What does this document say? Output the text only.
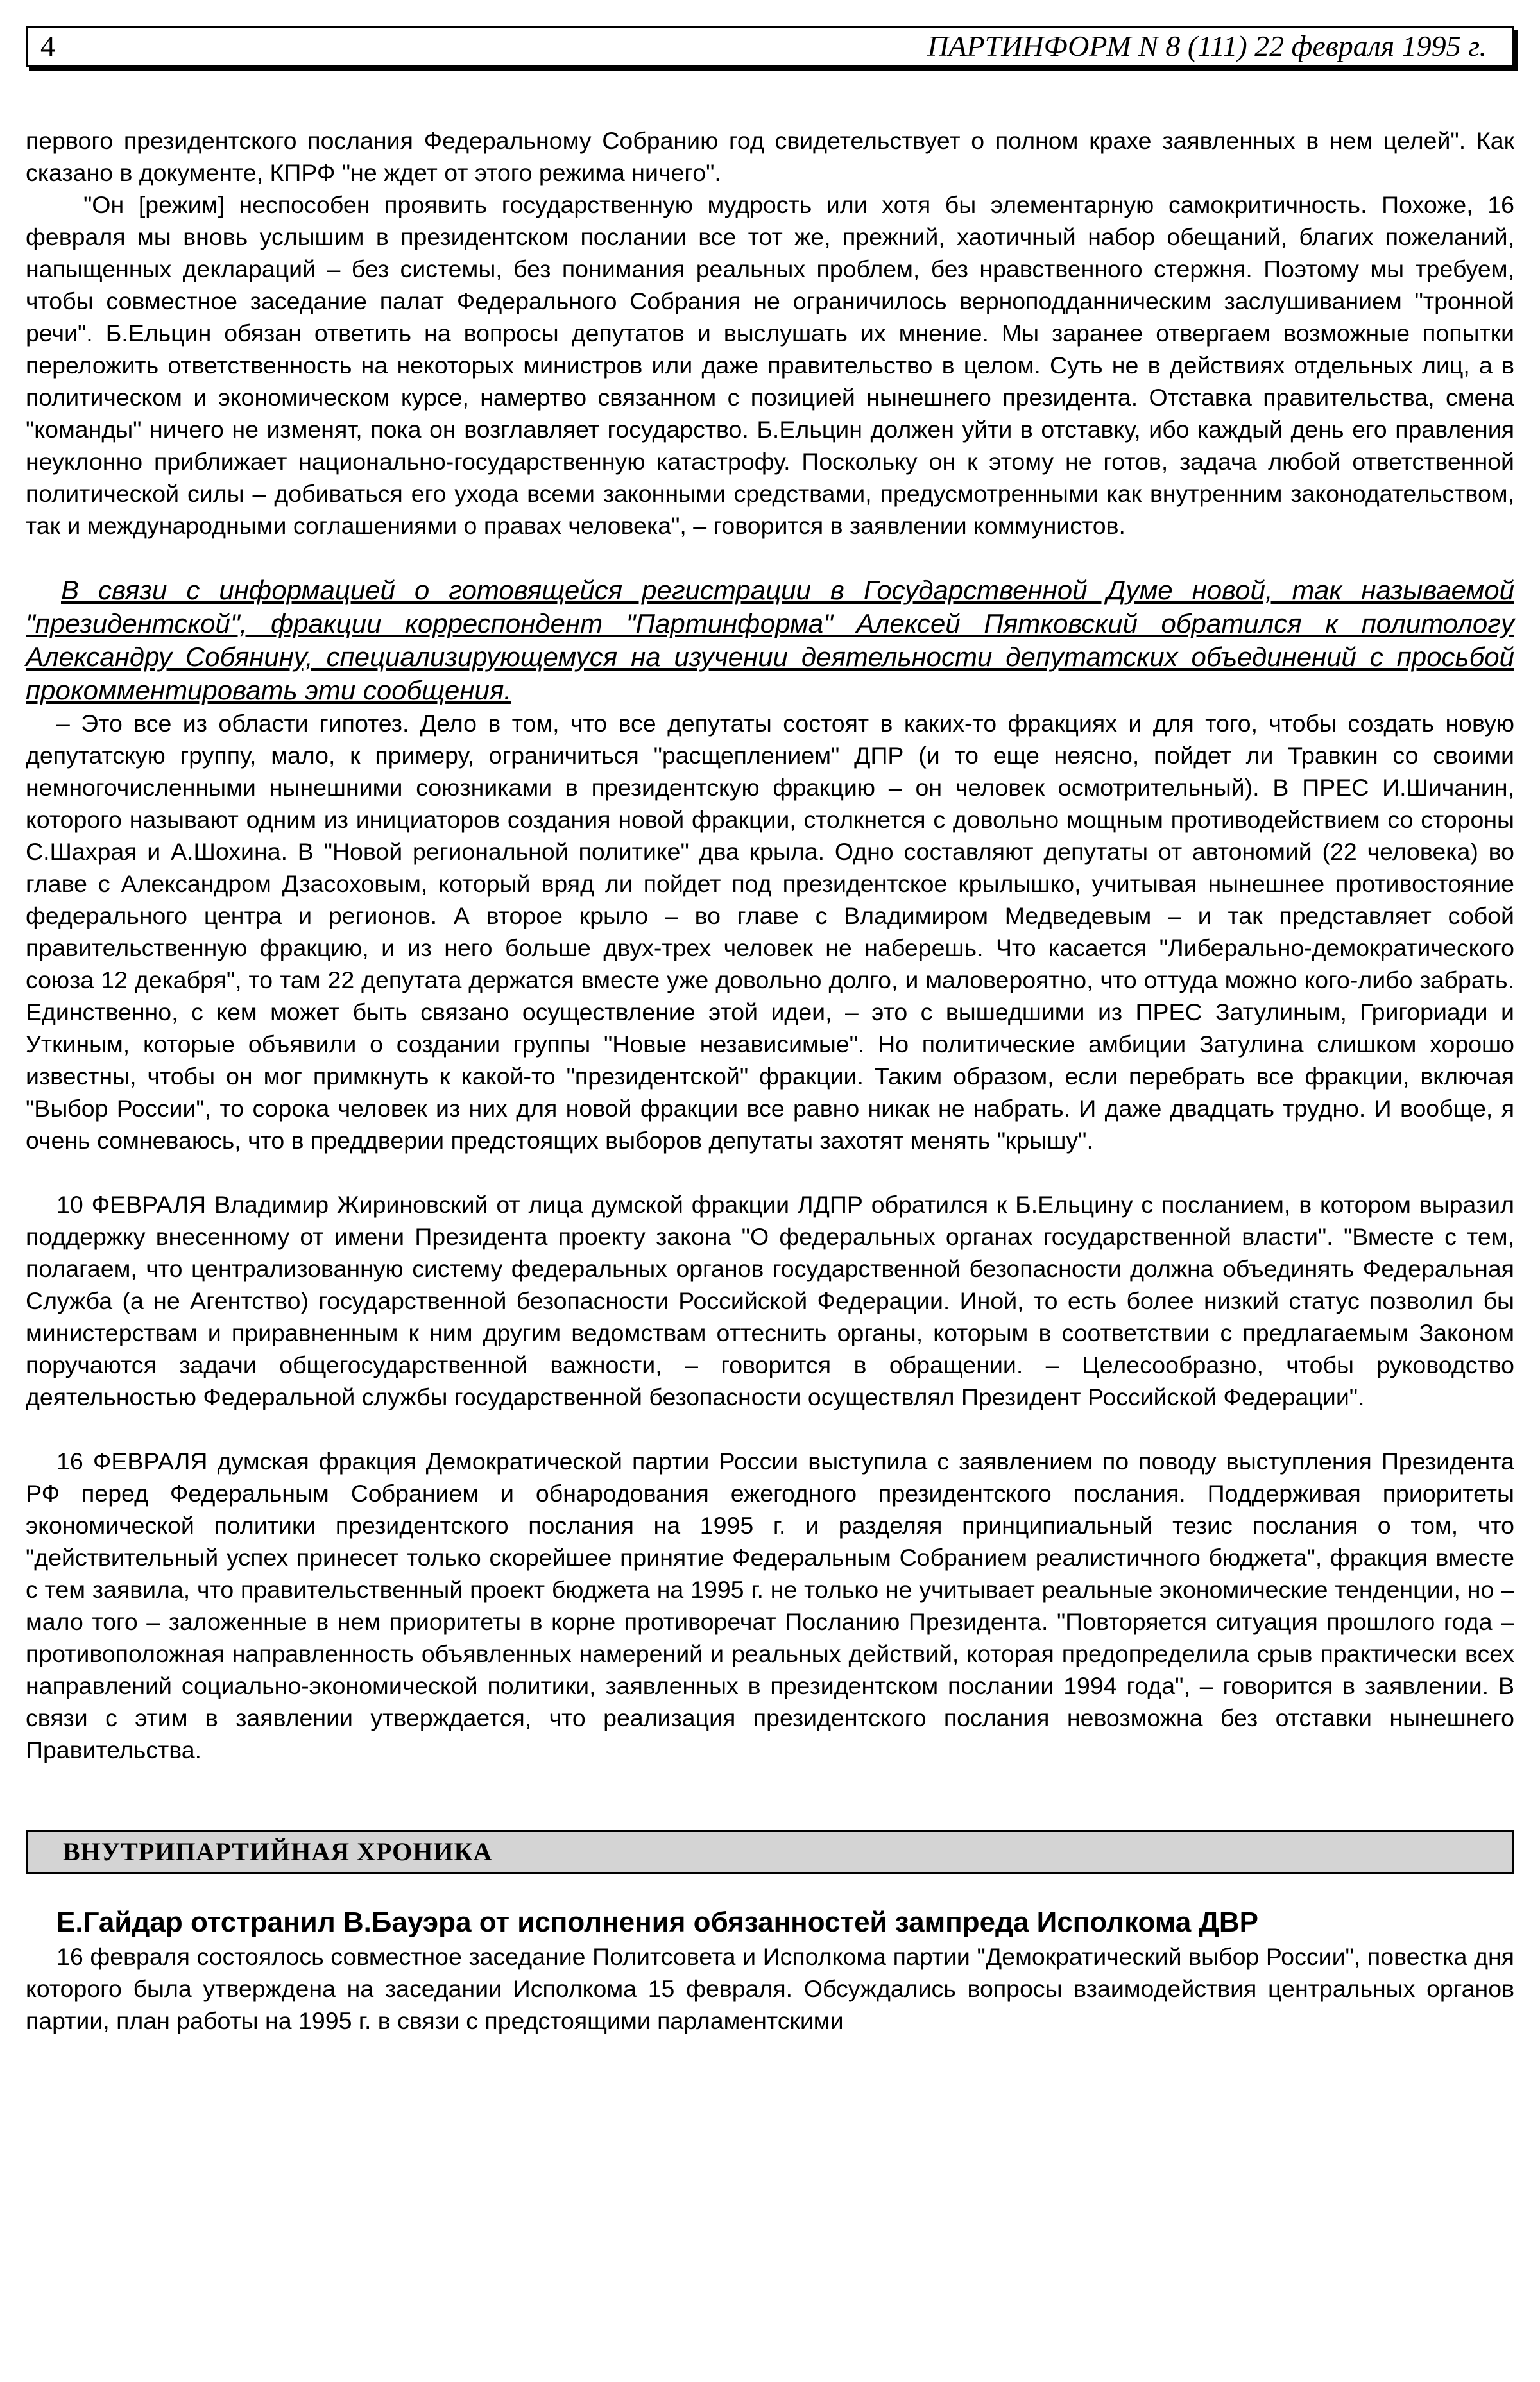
4	ПАРТИНФОРМ N 8 (111) 22 февраля 1995 г.

первого президентского послания Федеральному Собранию год свидетельствует о полном крахе заявленных в нем целей". Как сказано в документе, КПРФ "не ждет от этого режима ничего".

"Он [режим] неспособен проявить государственную мудрость или хотя бы элементарную самокритичность. Похоже, 16 февраля мы вновь услышим в президентском послании все тот же, прежний, хаотичный набор обещаний, благих пожеланий, напыщенных деклараций – без системы, без понимания реальных проблем, без нравственного стержня. Поэтому мы требуем, чтобы совместное заседание палат Федерального Собрания не ограничилось верноподданническим заслушиванием "тронной речи". Б.Ельцин обязан ответить на вопросы депутатов и выслушать их мнение. Мы заранее отвергаем возможные попытки переложить ответственность на некоторых министров или даже правительство в целом. Суть не в действиях отдельных лиц, а в политическом и экономическом курсе, намертво связанном с позицией нынешнего президента. Отставка правительства, смена "команды" ничего не изменят, пока он возглавляет государство. Б.Ельцин должен уйти в отставку, ибо каждый день его правления неуклонно приближает национально-государственную катастрофу. Поскольку он к этому не готов, задача любой ответственной политической силы – добиваться его ухода всеми законными средствами, предусмотренными как внутренним законодательством, так и международными соглашениями о правах человека", – говорится в заявлении коммунистов.

В связи с информацией о готовящейся регистрации в Государственной Думе новой, так называемой "президентской", фракции корреспондент "Партинформа" Алексей Пятковский обратился к политологу Александру Собянину, специализирующемуся на изучении деятельности депутатских объединений с просьбой прокомментировать эти сообщения.

– Это все из области гипотез. Дело в том, что все депутаты состоят в каких-то фракциях и для того, чтобы создать новую депутатскую группу, мало, к примеру, ограничиться "расщеплением" ДПР (и то еще неясно, пойдет ли Травкин со своими немногочисленными нынешними союзниками в президентскую фракцию – он человек осмотрительный). В ПРЕС И.Шичанин, которого называют одним из инициаторов создания новой фракции, столкнется с довольно мощным противодействием со стороны С.Шахрая и А.Шохина. В "Новой региональной политике" два крыла. Одно составляют депутаты от автономий (22 человека) во главе с Александром Дзасоховым, который вряд ли пойдет под президентское крылышко, учитывая нынешнее противостояние федерального центра и регионов. А второе крыло – во главе с Владимиром Медведевым – и так представляет собой правительственную фракцию, и из него больше двух-трех человек не наберешь. Что касается "Либерально-демократического союза 12 декабря", то там 22 депутата держатся вместе уже довольно долго, и маловероятно, что оттуда можно кого-либо забрать. Единственно, с кем может быть связано осуществление этой идеи, – это с вышедшими из ПРЕС Затулиным, Григориади и Уткиным, которые объявили о создании группы "Новые независимые". Но политические амбиции Затулина слишком хорошо известны, чтобы он мог примкнуть к какой-то "президентской" фракции. Таким образом, если перебрать все фракции, включая "Выбор России", то сорока человек из них для новой фракции все равно никак не набрать. И даже двадцать трудно. И вообще, я очень сомневаюсь, что в преддверии предстоящих выборов депутаты захотят менять "крышу".

10 ФЕВРАЛЯ Владимир Жириновский от лица думской фракции ЛДПР обратился к Б.Ельцину с посланием, в котором выразил поддержку внесенному от имени Президента проекту закона "О федеральных органах государственной власти". "Вместе с тем, полагаем, что централизованную систему федеральных органов государственной безопасности должна объединять Федеральная Служба (а не Агентство) государственной безопасности Российской Федерации. Иной, то есть более низкий статус позволил бы министерствам и приравненным к ним другим ведомствам оттеснить органы, которым в соответствии с предлагаемым Законом поручаются задачи общегосударственной важности, – говорится в обращении. – Целесообразно, чтобы руководство деятельностью Федеральной службы государственной безопасности осуществлял Президент Российской Федерации".

16 ФЕВРАЛЯ думская фракция Демократической партии России выступила с заявлением по поводу выступления Президента РФ перед Федеральным Собранием и обнародования ежегодного президентского послания. Поддерживая приоритеты экономической политики президентского послания на 1995 г. и разделяя принципиальный тезис послания о том, что "действительный успех принесет только скорейшее принятие Федеральным Собранием реалистичного бюджета", фракция вместе с тем заявила, что правительственный проект бюджета на 1995 г. не только не учитывает реальные экономические тенденции, но – мало того – заложенные в нем приоритеты в корне противоречат Посланию Президента. "Повторяется ситуация прошлого года – противоположная направленность объявленных намерений и реальных действий, которая предопределила срыв практически всех направлений социально-экономической политики, заявленных в президентском послании 1994 года", – говорится в заявлении. В связи с этим в заявлении утверждается, что реализация президентского послания невозможна без отставки нынешнего Правительства.

ВНУТРИПАРТИЙНАЯ ХРОНИКА
Е.Гайдар отстранил В.Бауэра от исполнения обязанностей зампреда Исполкома ДВР

16 февраля состоялось совместное заседание Политсовета и Исполкома партии "Демократический выбор России", повестка дня которого была утверждена на заседании Исполкома 15 февраля. Обсуждались вопросы взаимодействия центральных органов партии, план работы на 1995 г. в связи с предстоящими парламентскими
